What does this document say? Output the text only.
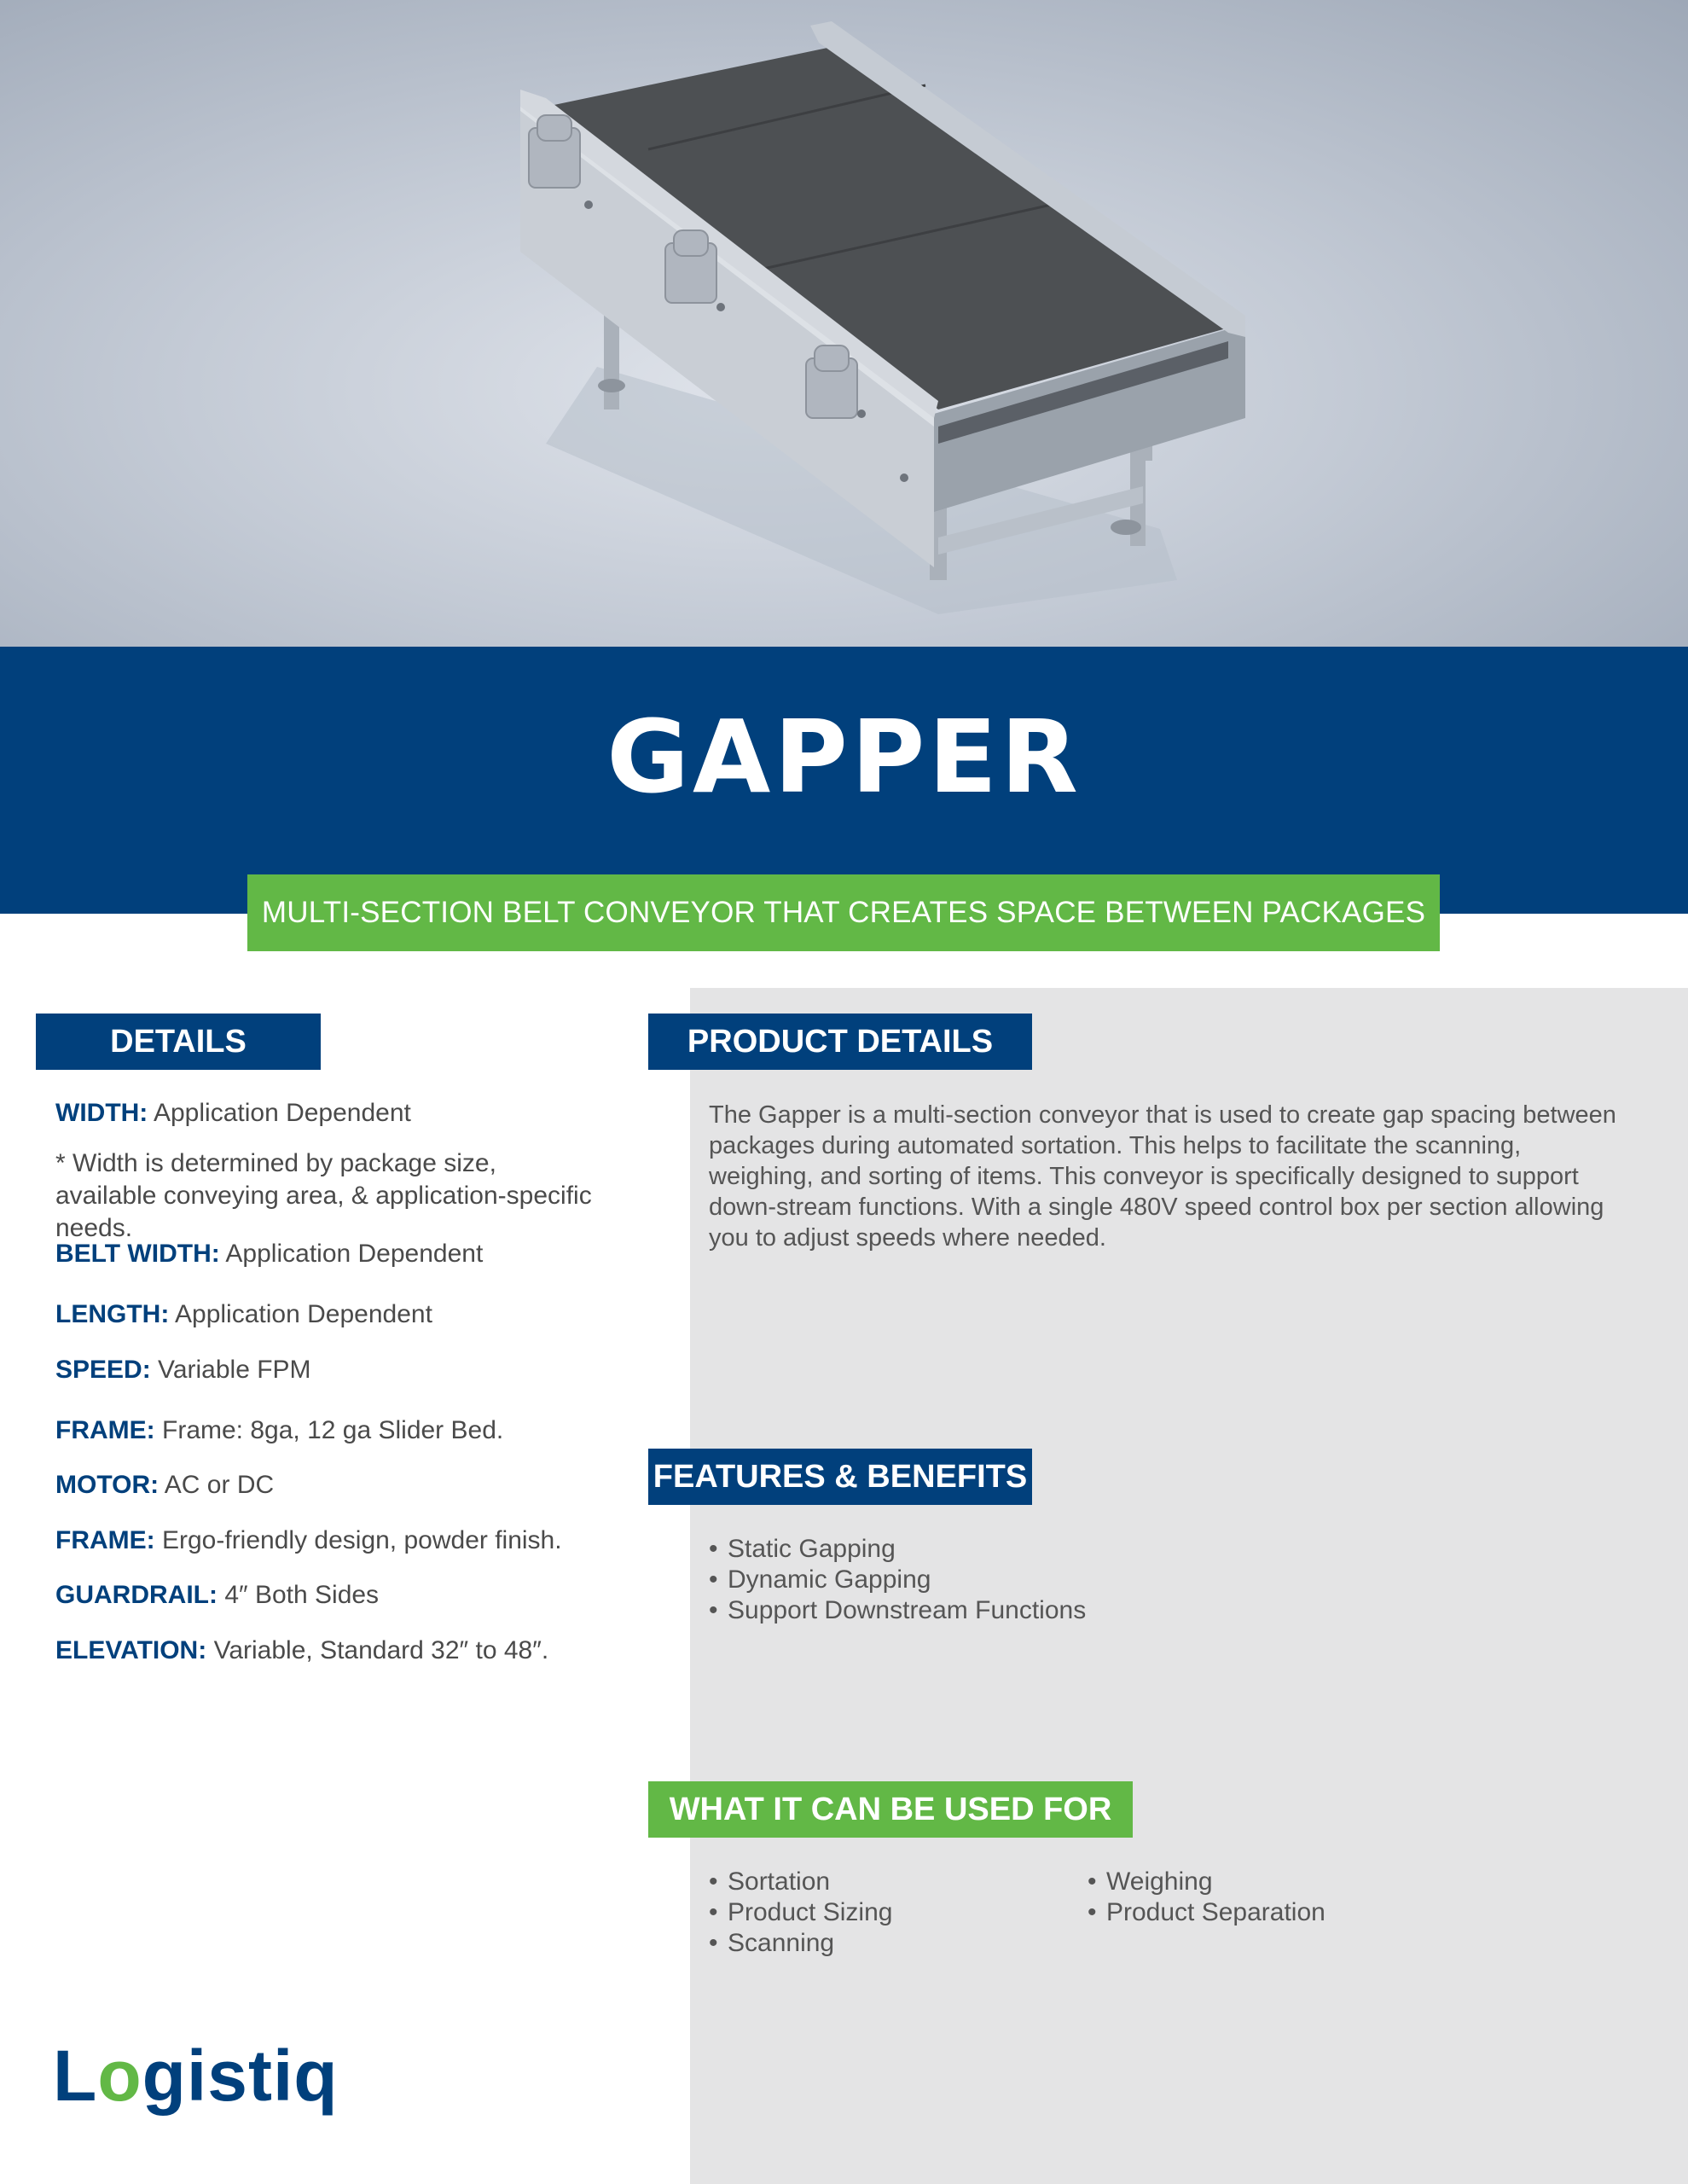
GAPPER
MULTI-SECTION BELT CONVEYOR THAT CREATES SPACE BETWEEN PACKAGES
DETAILS
WIDTH: Application Dependent
* Width is determined by package size, available conveying area, & application-specific needs.
BELT WIDTH: Application Dependent
LENGTH: Application Dependent
SPEED: Variable FPM
FRAME: Frame: 8ga, 12 ga Slider Bed.
MOTOR: AC or DC
FRAME: Ergo-friendly design, powder finish.
GUARDRAIL: 4″ Both Sides
ELEVATION: Variable, Standard 32″ to 48″.
PRODUCT DETAILS
The Gapper is a multi-section conveyor that is used to create gap spacing between packages during automated sortation. This helps to facilitate the scanning, weighing, and sorting of items. This conveyor is specifically designed to support down-stream functions. With a single 480V speed control box per section allowing you to adjust speeds where needed.
FEATURES & BENEFITS
• Static Gapping
• Dynamic Gapping
• Support Downstream Functions
WHAT IT CAN BE USED FOR
• Sortation
• Product Sizing
• Scanning
• Weighing
• Product Separation
Logistiq
